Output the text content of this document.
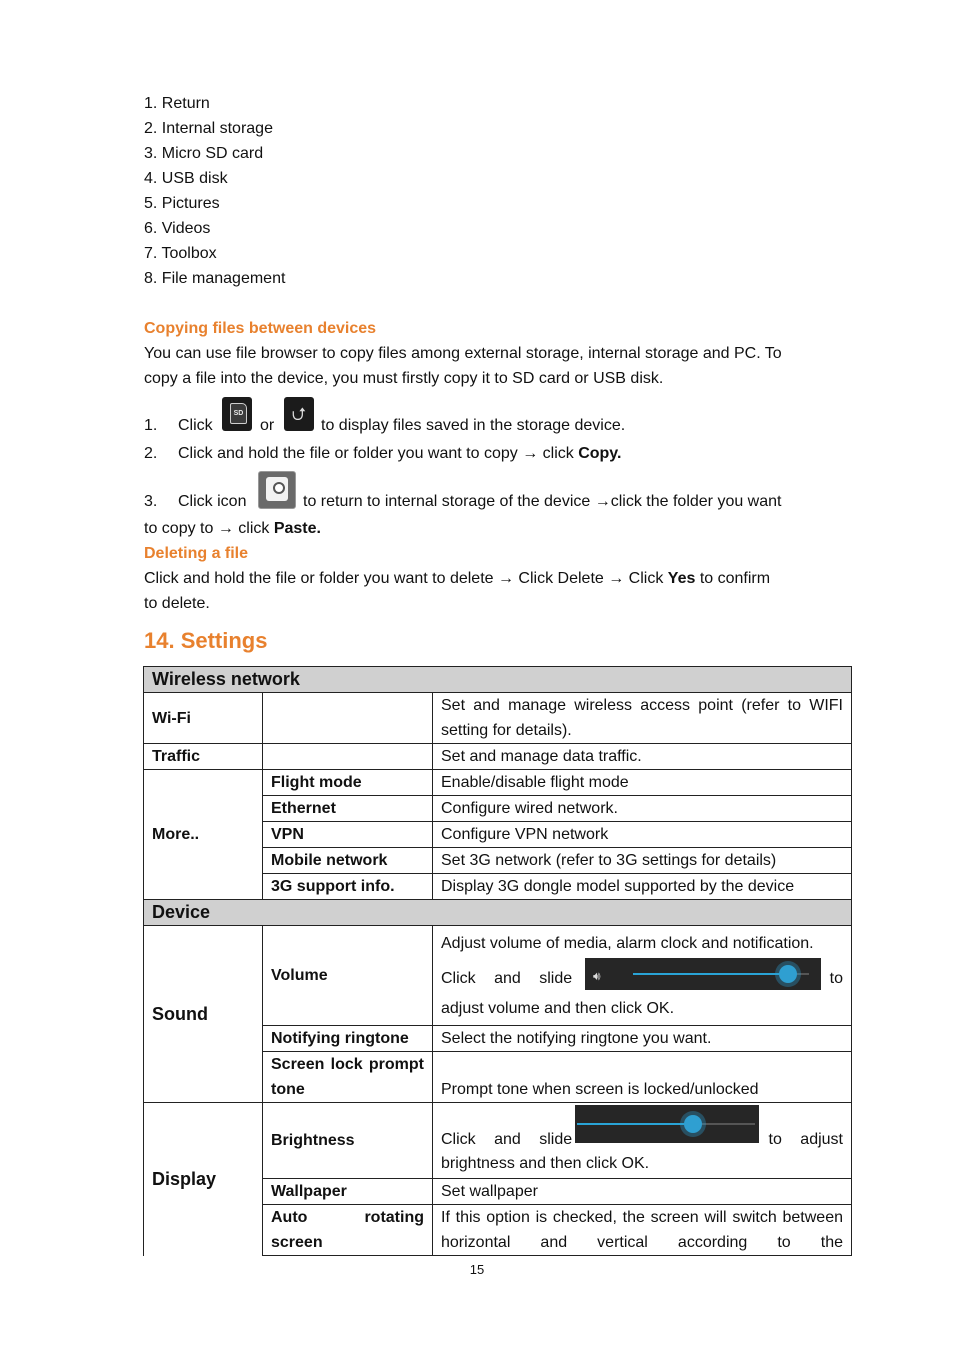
1. Return
2. Internal storage
3. Micro SD card
4. USB disk
5. Pictures
6. Videos
7. Toolbox
8. File management
Copying files between devices
You can use file browser to copy files among external storage, internal storage and PC. To
copy a file into the device, you must firstly copy it to SD card or USB disk.
1. Click
SD
or
⮍
to display files saved in the storage device.
2. Click and hold the file or folder you want to copy → click Copy.
3. Click icon	to return to internal storage of the device →click the folder you want
to copy to → click Paste.
Deleting a file
Click and hold the file or folder you want to delete → Click Delete → Click Yes to confirm
to delete.
14. Settings
Wireless network		
Wi-Fi		Set and manage wireless access point (refer to WIFI setting for details).
Traffic		Set and manage data traffic.
More..	Flight mode	Enable/disable flight mode
	Ethernet	Configure wired network.
	VPN	Configure VPN network
	Mobile network	Set 3G network (refer to 3G settings for details)
	3G support info.	Display 3G dongle model supported by the device
Device		
Sound	Volume	Adjust volume of media, alarm clock and notification.
Click and slide 🔊︎ to
adjust volume and then click OK.

	Notifying ringtone	Select the notifying ringtone you want.
	Screen lock prompt tone	Prompt tone when screen is locked/unlocked
Display	Brightness	Click and slide to adjust
brightness and then click OK.

	Wallpaper	Set wallpaper
	Auto rotating screen	If this option is checked, the screen will switch between horizontal and vertical according to the
15
